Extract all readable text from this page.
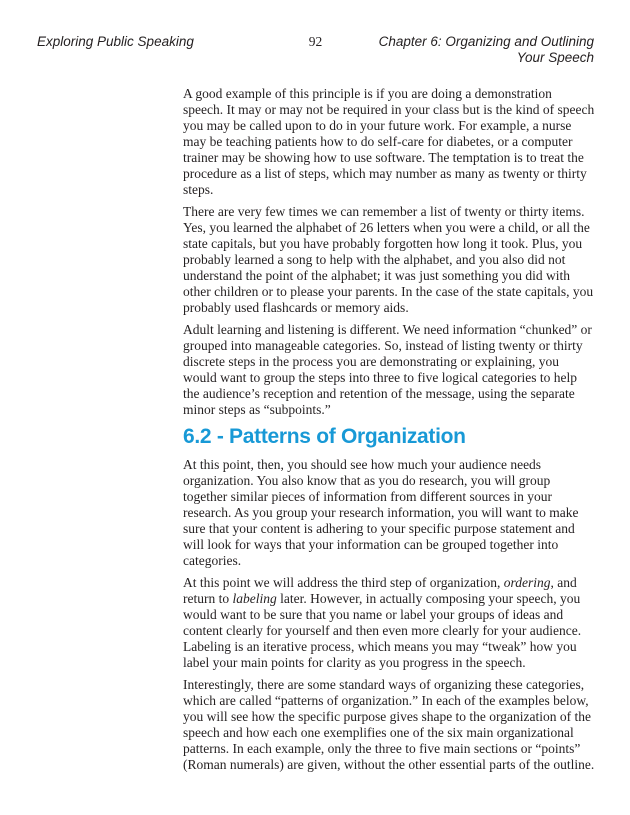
Exploring Public Speaking	92	Chapter 6: Organizing and Outlining Your Speech

A good example of this principle is if you are doing a demonstration speech. It may or may not be required in your class but is the kind of speech you may be called upon to do in your future work. For example, a nurse may be teaching patients how to do self-care for diabetes, or a computer trainer may be showing how to use software. The temptation is to treat the procedure as a list of steps, which may number as many as twenty or thirty steps.

There are very few times we can remember a list of twenty or thirty items. Yes, you learned the alphabet of 26 letters when you were a child, or all the state capitals, but you have probably forgotten how long it took. Plus, you probably learned a song to help with the alphabet, and you also did not understand the point of the alphabet; it was just something you did with other children or to please your parents. In the case of the state capitals, you probably used flashcards or memory aids.

Adult learning and listening is different. We need information “chunked” or grouped into manageable categories. So, instead of listing twenty or thirty discrete steps in the process you are demonstrating or explaining, you would want to group the steps into three to five logical categories to help the audience’s reception and retention of the message, using the separate minor steps as “subpoints.”

6.2 - Patterns of Organization

At this point, then, you should see how much your audience needs organization. You also know that as you do research, you will group together similar pieces of information from different sources in your research. As you group your research information, you will want to make sure that your content is adhering to your specific purpose statement and will look for ways that your information can be grouped together into categories.

At this point we will address the third step of organization, ordering, and return to labeling later. However, in actually composing your speech, you would want to be sure that you name or label your groups of ideas and content clearly for yourself and then even more clearly for your audience. Labeling is an iterative process, which means you may “tweak” how you label your main points for clarity as you progress in the speech.

Interestingly, there are some standard ways of organizing these categories, which are called “patterns of organization.” In each of the examples below, you will see how the specific purpose gives shape to the organization of the speech and how each one exemplifies one of the six main organizational patterns. In each example, only the three to five main sections or “points” (Roman numerals) are given, without the other essential parts of the outline.
